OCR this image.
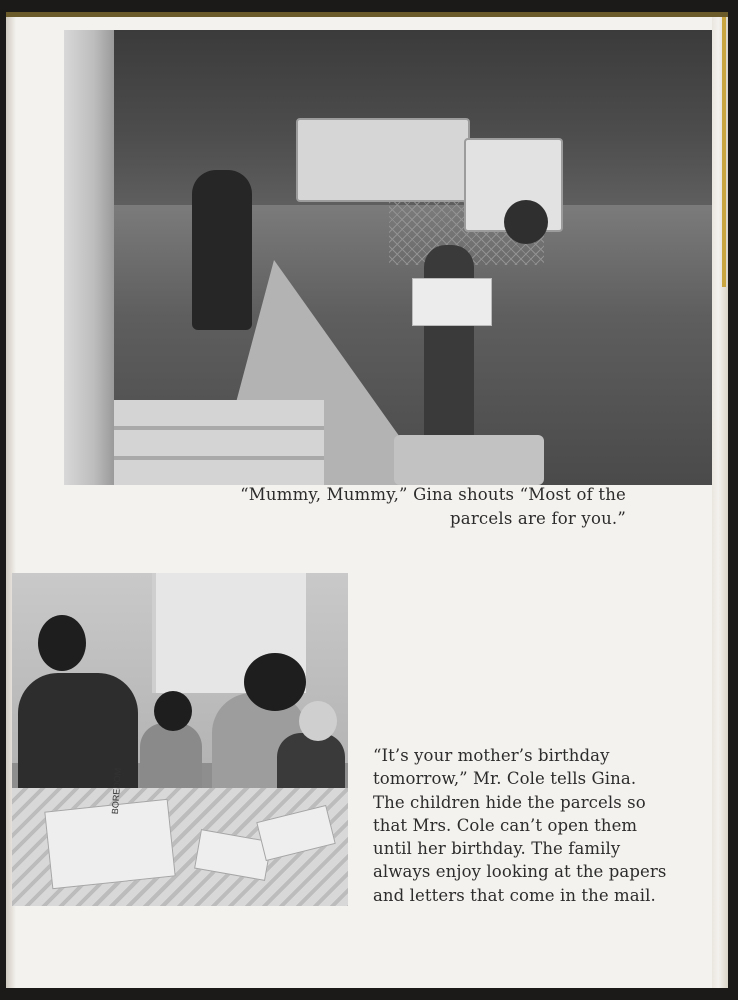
“Mummy, Mummy,” Gina shouts “Most of the
parcels are for you.”
BOREDOM
“It’s your mother’s birthday
tomorrow,” Mr. Cole tells Gina.
The children hide the parcels so
that Mrs. Cole can’t open them
until her birthday. The family
always enjoy looking at the papers
and letters that come in the mail.
